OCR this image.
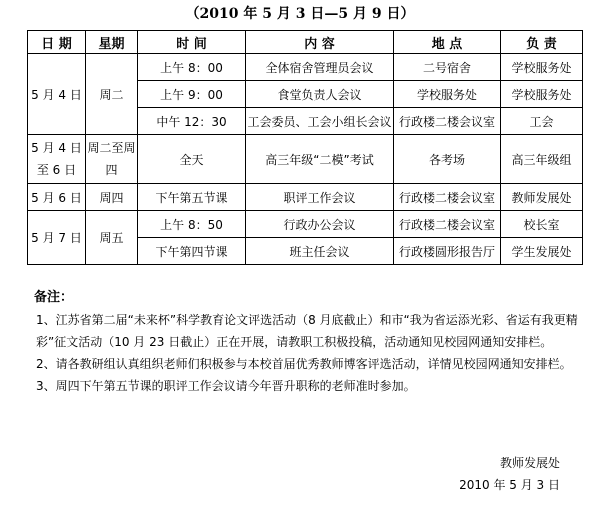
（2010 年 5 月 3 日—5 月 9 日）
日 期	星期	时 间	内 容	地 点	负 责
5 月 4 日	周二	上午 8：00	全体宿舍管理员会议	二号宿舍	学校服务处
		上午 9：00	食堂负责人会议	学校服务处	学校服务处
		中午 12：30	工会委员、工会小组长会议	行政楼二楼会议室	工会
5 月 4 日至 6 日	周二至周四	全天	高三年级“二模”考试	各考场	高三年级组
5 月 6 日	周四	下午第五节课	职评工作会议	行政楼二楼会议室	教师发展处
5 月 7 日	周五	上午 8：50	行政办公会议	行政楼二楼会议室	校长室
		下午第四节课	班主任会议	行政楼圆形报告厅	学生发展处
备注：

1、江苏省第二届“未来杯”科学教育论文评选活动（8 月底截止）和市“我为省运添光彩、省运有我更精彩”征文活动（10 月 23 日截止）正在开展，请教职工积极投稿，活动通知见校园网通知安排栏。

2、请各教研组认真组织老师们积极参与本校首届优秀教师博客评选活动，详情见校园网通知安排栏。

3、周四下午第五节课的职评工作会议请今年晋升职称的老师准时参加。

教师发展处
2010 年 5 月 3 日
